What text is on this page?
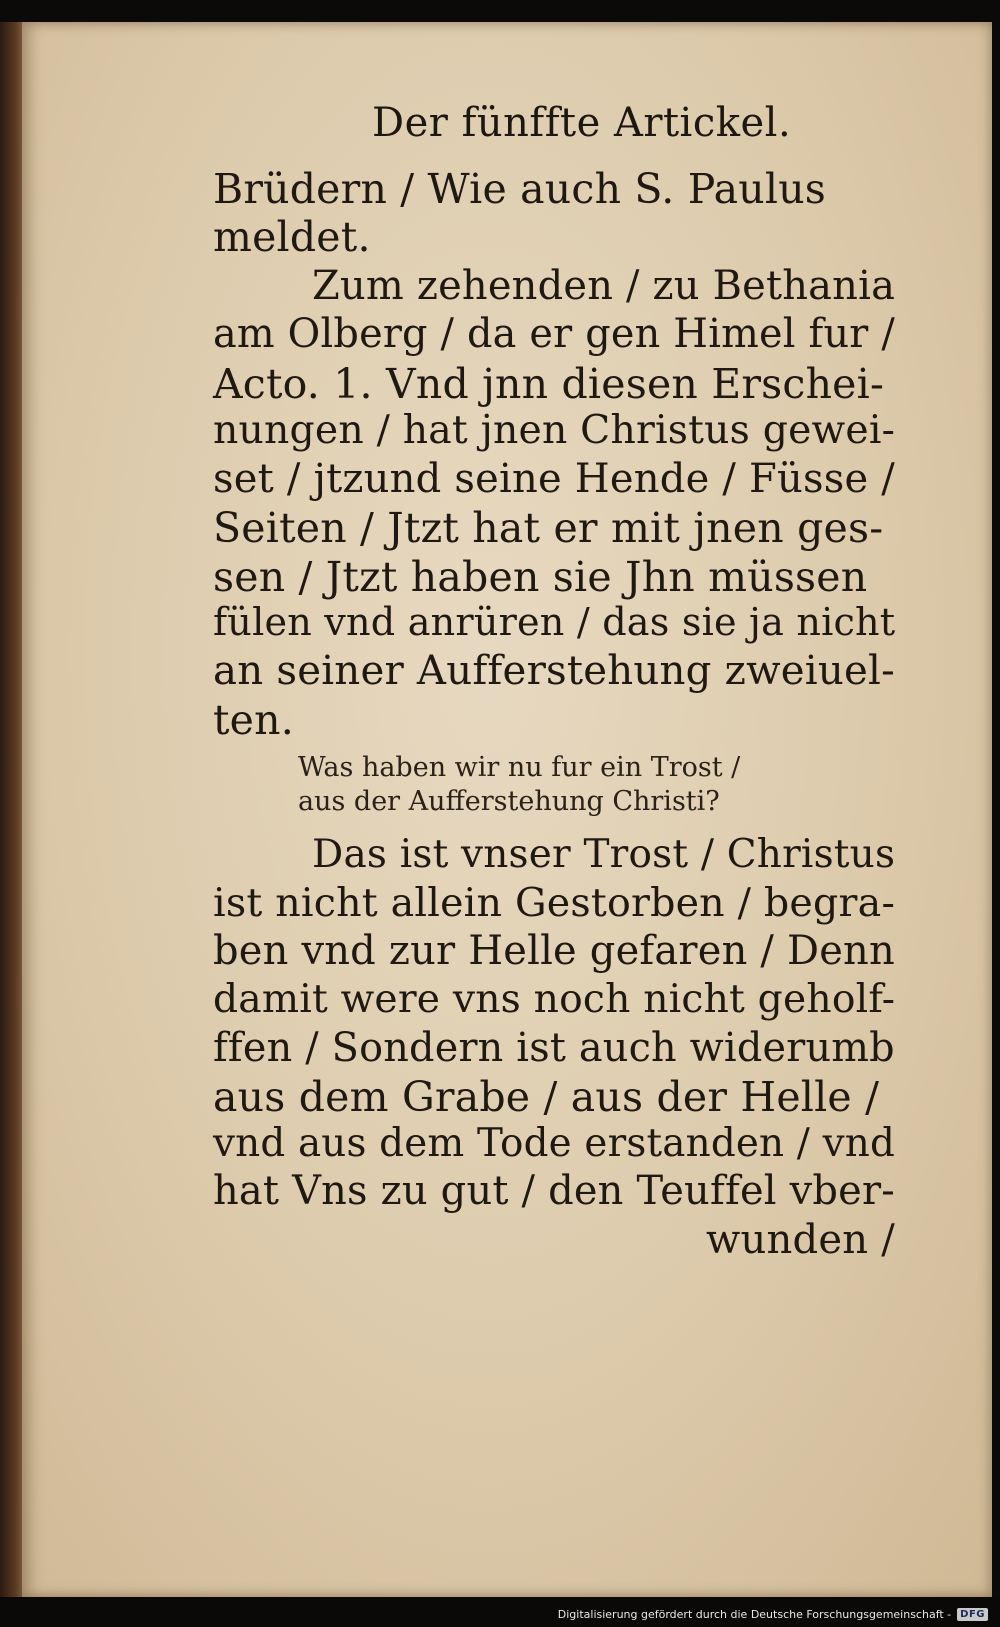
Der fünffte Artickel.
Brüdern / Wie auch S. Paulus
meldet.
Zum zehenden / zu Bethania
am Olberg / da er gen Himel fur /
Acto. 1. Vnd jnn diesen Erschei-
nungen / hat jnen Christus gewei-
set / jtzund seine Hende / Füsse /
Seiten / Jtzt hat er mit jnen ges-
sen / Jtzt haben sie Jhn müssen
fülen vnd anrüren / das sie ja nicht
an seiner Aufferstehung zweiuel-
ten.
Was haben wir nu fur ein Trost /
aus der Aufferstehung Christi?
Das ist vnser Trost / Christus
ist nicht allein Gestorben / begra-
ben vnd zur Helle gefaren / Denn
damit were vns noch nicht geholf-
ffen / Sondern ist auch widerumb
aus dem Grabe / aus der Helle /
vnd aus dem Tode erstanden / vnd
hat Vns zu gut / den Teuffel vber-
wunden /
Digitalisierung gefördert durch die Deutsche Forschungsgemeinschaft - DFG
